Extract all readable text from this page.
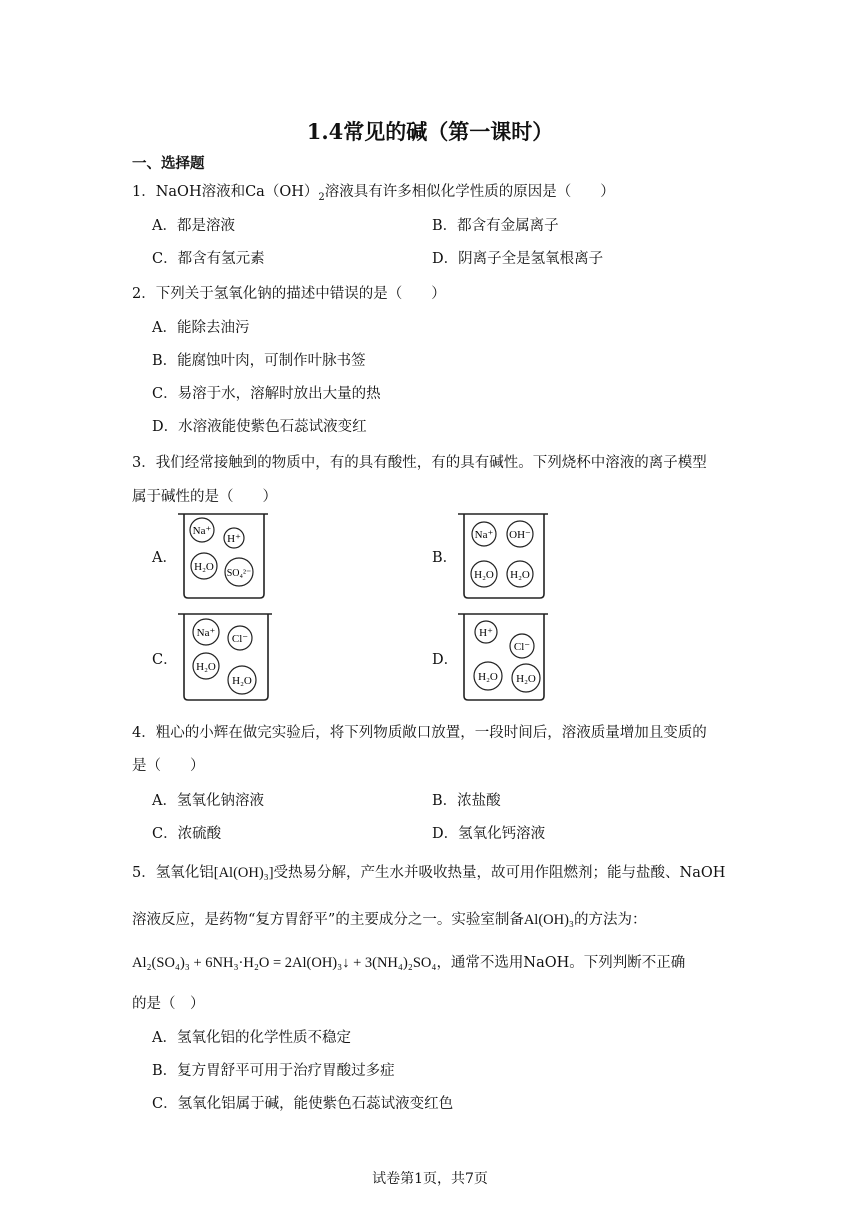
1.4常见的碱（第一课时）
一、选择题
1．NaOH溶液和$Ca(OH)_2$溶液具有许多相似化学性质的原因是（　　）
A．都是溶液	B．都含有金属离子
C．都含有氢元素	D．阴离子全是氢氧根离子
2．下列关于氢氧化钠的描述中错误的是（　　）
A．能除去油污
B．能腐蚀叶肉，可制作叶脉书签
C．易溶于水，溶解时放出大量的热
D．水溶液能使紫色石蕊试液变红
3．我们经常接触到的物质中，有的具有酸性，有的具有碱性。下列烧杯中溶液的离子模型
属于碱性的是（　　）
A．	B．
C．	D．
Na⁺
H⁺
H₂O
SO₄²⁻
Na⁺ OH⁻
H₂O H₂O
Na⁺ Cl⁻
H₂O
H₂O
H⁺
Cl⁻
H₂O H₂O
4．粗心的小辉在做完实验后，将下列物质敞口放置，一段时间后，溶液质量增加且变质的
是（　　）
A．氢氧化钠溶液	B．浓盐酸
C．浓硫酸	D．氢氧化钙溶液
5．氢氧化铝[Al(OH)₃]受热易分解，产生水并吸收热量，故可用作阻燃剂；能与盐酸、NaOH
溶液反应，是药物“复方胃舒平”的主要成分之一。实验室制备Al(OH)₃的方法为：
Al₂(SO₄)₃ + 6NH₃·H₂O = 2Al(OH)₃↓ + 3(NH₄)₂SO₄，通常不选用NaOH。下列判断不正确
的是（　）
A．氢氧化铝的化学性质不稳定
B．复方胃舒平可用于治疗胃酸过多症
C．氢氧化铝属于碱，能使紫色石蕊试液变红色
试卷第1页，共7页
